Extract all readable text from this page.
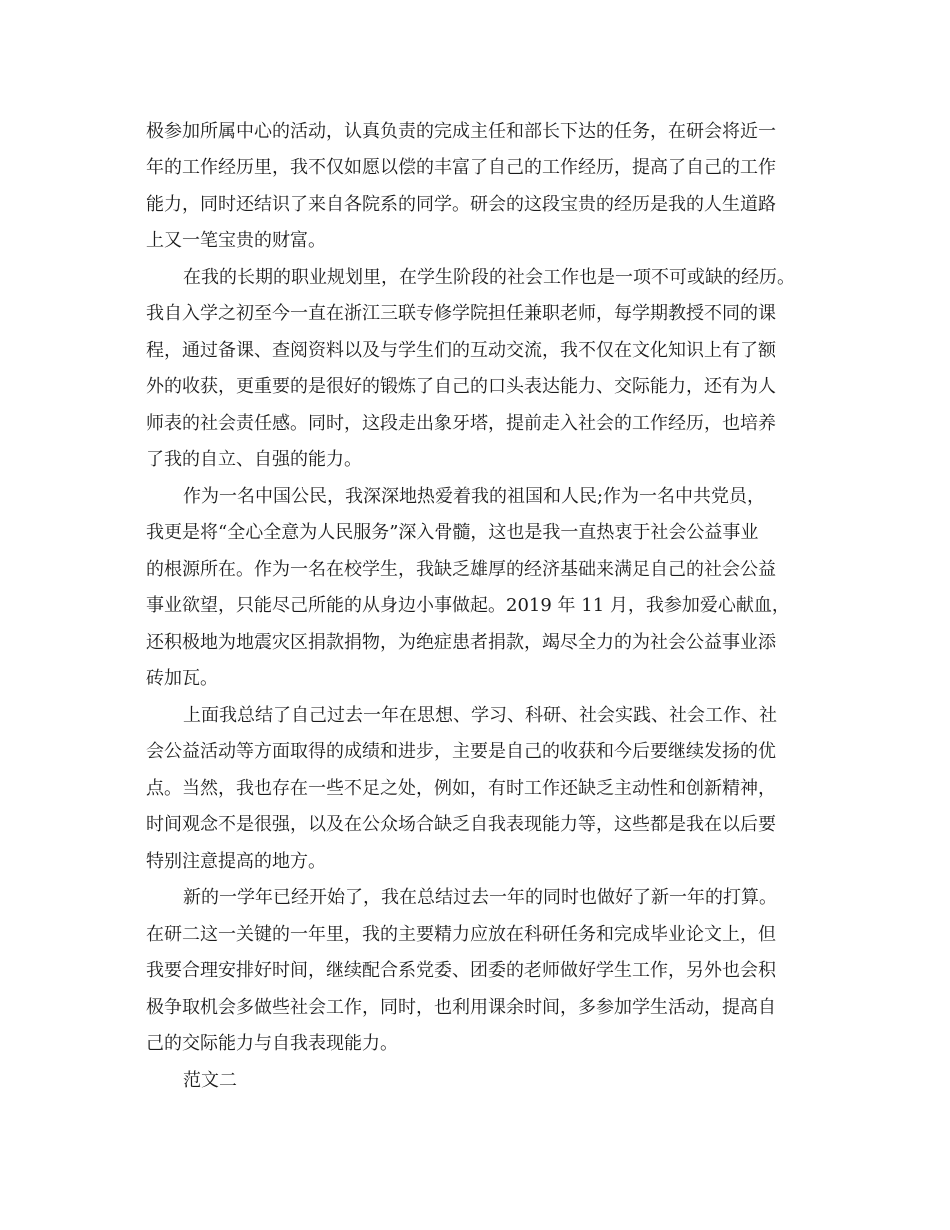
极参加所属中心的活动，认真负责的完成主任和部长下达的任务，在研会将近一

年的工作经历里，我不仅如愿以偿的丰富了自己的工作经历，提高了自己的工作

能力，同时还结识了来自各院系的同学。研会的这段宝贵的经历是我的人生道路

上又一笔宝贵的财富。

在我的长期的职业规划里，在学生阶段的社会工作也是一项不可或缺的经历。

我自入学之初至今一直在浙江三联专修学院担任兼职老师，每学期教授不同的课

程，通过备课、查阅资料以及与学生们的互动交流，我不仅在文化知识上有了额

外的收获，更重要的是很好的锻炼了自己的口头表达能力、交际能力，还有为人

师表的社会责任感。同时，这段走出象牙塔，提前走入社会的工作经历，也培养

了我的自立、自强的能力。

作为一名中国公民，我深深地热爱着我的祖国和人民;作为一名中共党员，

我更是将“全心全意为人民服务”深入骨髓，这也是我一直热衷于社会公益事业

的根源所在。作为一名在校学生，我缺乏雄厚的经济基础来满足自己的社会公益

事业欲望，只能尽己所能的从身边小事做起。2019 年 11 月，我参加爱心献血，

还积极地为地震灾区捐款捐物，为绝症患者捐款，竭尽全力的为社会公益事业添

砖加瓦。

上面我总结了自己过去一年在思想、学习、科研、社会实践、社会工作、社

会公益活动等方面取得的成绩和进步，主要是自己的收获和今后要继续发扬的优

点。当然，我也存在一些不足之处，例如，有时工作还缺乏主动性和创新精神，

时间观念不是很强，以及在公众场合缺乏自我表现能力等，这些都是我在以后要

特别注意提高的地方。

新的一学年已经开始了，我在总结过去一年的同时也做好了新一年的打算。

在研二这一关键的一年里，我的主要精力应放在科研任务和完成毕业论文上，但

我要合理安排好时间，继续配合系党委、团委的老师做好学生工作，另外也会积

极争取机会多做些社会工作，同时，也利用课余时间，多参加学生活动，提高自

己的交际能力与自我表现能力。

范文二
